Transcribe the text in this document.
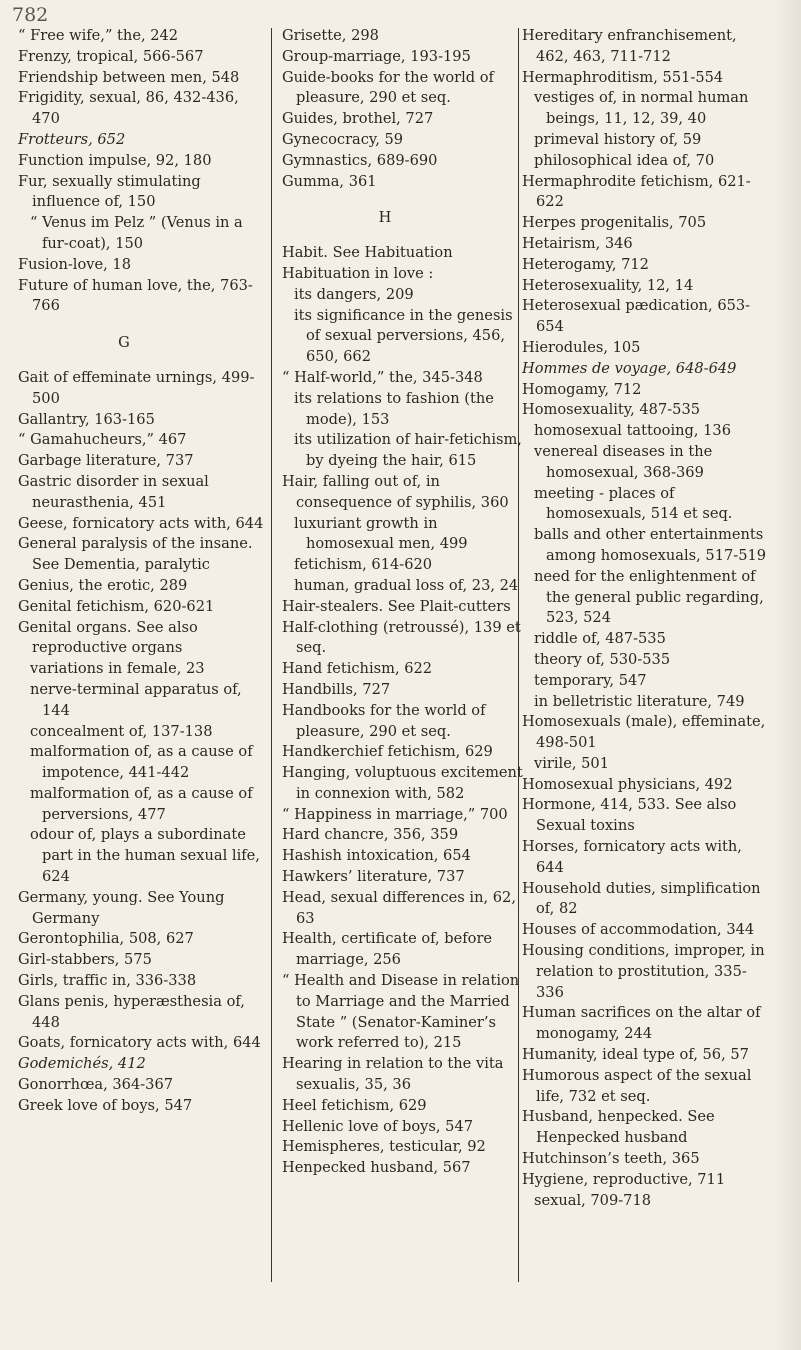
782

“ Free wife,” the, 242

Frenzy, tropical, 566-567

Friendship between men, 548

Frigidity, sexual, 86, 432-436, 470

Frotteurs, 652

Function impulse, 92, 180

Fur, sexually stimulating influence of, 150

“ Venus im Pelz ” (Venus in a fur-coat), 150

Fusion-love, 18

Future of human love, the, 763-766

G

Gait of effeminate urnings, 499-500

Gallantry, 163-165

“ Gamahucheurs,” 467

Garbage literature, 737

Gastric disorder in sexual neurasthenia, 451

Geese, fornicatory acts with, 644

General paralysis of the insane. See Dementia, paralytic

Genius, the erotic, 289

Genital fetichism, 620-621

Genital organs. See also reproductive organs

variations in female, 23

nerve-terminal apparatus of, 144

concealment of, 137-138

malformation of, as a cause of impotence, 441-442

malformation of, as a cause of perversions, 477

odour of, plays a subordinate part in the human sexual life, 624

Germany, young. See Young Germany

Gerontophilia, 508, 627

Girl-stabbers, 575

Girls, traffic in, 336-338

Glans penis, hyperæsthesia of, 448

Goats, fornicatory acts with, 644

Godemichés, 412

Gonorrhœa, 364-367

Greek love of boys, 547

Grisette, 298

Group-marriage, 193-195

Guide-books for the world of pleasure, 290 et seq.

Guides, brothel, 727

Gynecocracy, 59

Gymnastics, 689-690

Gumma, 361

H

Habit. See Habituation

Habituation in love :

its dangers, 209

its significance in the genesis of sexual perversions, 456, 650, 662

“ Half-world,” the, 345-348

its relations to fashion (the mode), 153

its utilization of hair-fetichism, by dyeing the hair, 615

Hair, falling out of, in consequence of syphilis, 360

luxuriant growth in homosexual men, 499

fetichism, 614-620

human, gradual loss of, 23, 24

Hair-stealers. See Plait-cutters

Half-clothing (retroussé), 139 et seq.

Hand fetichism, 622

Handbills, 727

Handbooks for the world of pleasure, 290 et seq.

Handkerchief fetichism, 629

Hanging, voluptuous excitement in connexion with, 582

“ Happiness in marriage,” 700

Hard chancre, 356, 359

Hashish intoxication, 654

Hawkers’ literature, 737

Head, sexual differences in, 62, 63

Health, certificate of, before marriage, 256

“ Health and Disease in relation to Marriage and the Married State ” (Senator-Kaminer’s work referred to), 215

Hearing in relation to the vita sexualis, 35, 36

Heel fetichism, 629

Hellenic love of boys, 547

Hemispheres, testicular, 92

Henpecked husband, 567

Hereditary enfranchisement, 462, 463, 711-712

Hermaphroditism, 551-554

vestiges of, in normal human beings, 11, 12, 39, 40

primeval history of, 59

philosophical idea of, 70

Hermaphrodite fetichism, 621-622

Herpes progenitalis, 705

Hetairism, 346

Heterogamy, 712

Heterosexuality, 12, 14

Heterosexual pædication, 653-654

Hierodules, 105

Hommes de voyage, 648-649

Homogamy, 712

Homosexuality, 487-535

homosexual tattooing, 136

venereal diseases in the homosexual, 368-369

meeting - places of homosexuals, 514 et seq.

balls and other entertainments among homosexuals, 517-519

need for the enlightenment of the general public regarding, 523, 524

riddle of, 487-535

theory of, 530-535

temporary, 547

in belletristic literature, 749

Homosexuals (male), effeminate, 498-501

virile, 501

Homosexual physicians, 492

Hormone, 414, 533. See also Sexual toxins

Horses, fornicatory acts with, 644

Household duties, simplification of, 82

Houses of accommodation, 344

Housing conditions, improper, in relation to prostitution, 335-336

Human sacrifices on the altar of monogamy, 244

Humanity, ideal type of, 56, 57

Humorous aspect of the sexual life, 732 et seq.

Husband, henpecked. See Henpecked husband

Hutchinson’s teeth, 365

Hygiene, reproductive, 711

sexual, 709-718
